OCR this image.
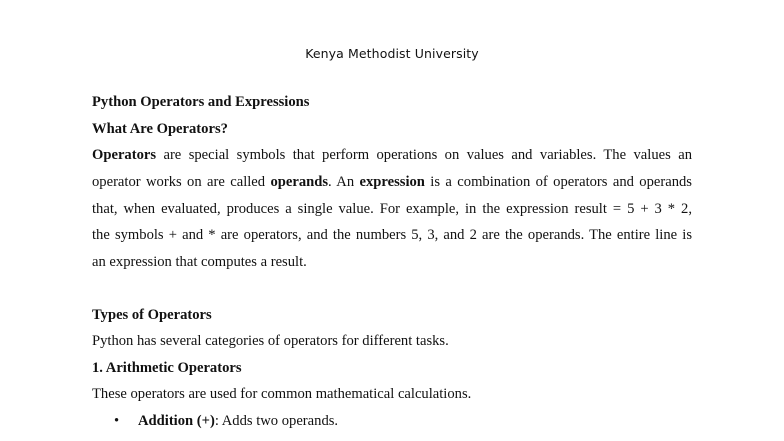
Kenya Methodist University
Python Operators and Expressions
What Are Operators?
Operators are special symbols that perform operations on values and variables. The values an
operator works on are called operands. An expression is a combination of operators and operands
that, when evaluated, produces a single value. For example, in the expression result = 5 + 3 * 2,
the symbols + and * are operators, and the numbers 5, 3, and 2 are the operands. The entire line is
an expression that computes a result.
Types of Operators
Python has several categories of operators for different tasks.
1. Arithmetic Operators
These operators are used for common mathematical calculations.
• Addition (+): Adds two operands.
